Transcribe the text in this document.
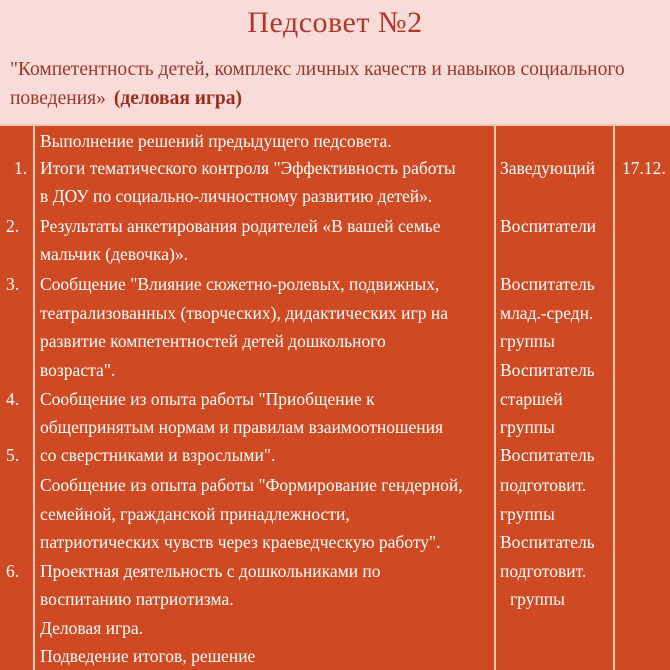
Педсовет №2
"Компетентность детей, комплекс личных качеств и навыков социального
поведения» (деловая игра)
Выполнение решений предыдущего педсовета.
Итоги тематического контроля "Эффективность работы
в ДОУ по социально-личностному развитию детей».
Результаты анкетирования родителей «В вашей семье
мальчик (девочка)».
Сообщение "Влияние сюжетно-ролевых, подвижных,
театрализованных (творческих), дидактических игр на
развитие компетентностей детей дошкольного
возраста".
Сообщение из опыта работы "Приобщение к
общепринятым нормам и правилам взаимоотношения
со сверстниками и взрослыми".
Сообщение из опыта работы "Формирование гендерной,
семейной, гражданской принадлежности,
патриотических чувств через краеведческую работу".
Проектная деятельность с дошкольниками по
воспитанию патриотизма.
Деловая игра.
Подведение итогов, решение
1.
2.
3.
4.
5.
6.
Заведующий
Воспитатели
Воспитатель
млад.-средн.
группы
Воспитатель
старшей
группы
Воспитатель
подготовит.
группы
Воспитатель
подготовит.
группы
17.12.
